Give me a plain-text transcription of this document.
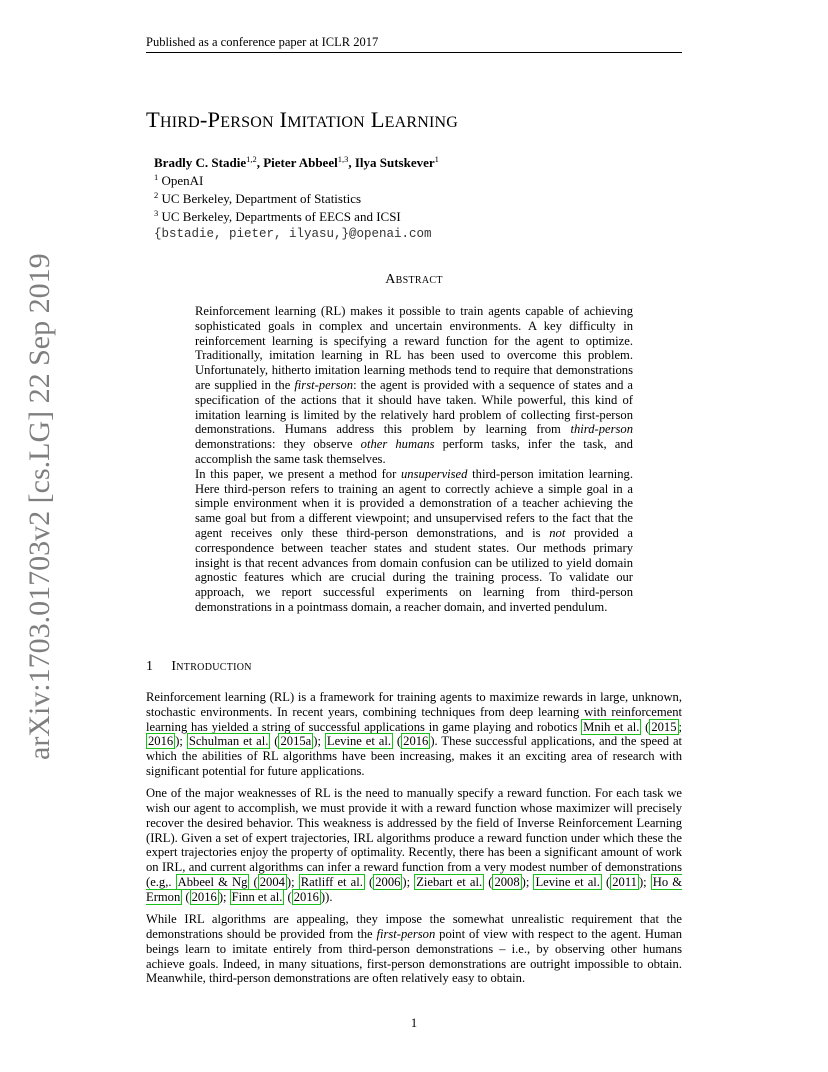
Published as a conference paper at ICLR 2017
arXiv:1703.01703v2 [cs.LG] 22 Sep 2019
Third-Person Imitation Learning
Bradly C. Stadie$^{1,2}$, Pieter Abbeel$^{1,3}$, Ilya Sutskever$^1$
$^1$ OpenAI
$^2$ UC Berkeley, Department of Statistics
$^3$ UC Berkeley, Departments of EECS and ICSI
{bstadie, pieter, ilyasu,}@openai.com
Abstract

Reinforcement learning (RL) makes it possible to train agents capable of achieving sophisticated goals in complex and uncertain environments. A key difficulty in reinforcement learning is specifying a reward function for the agent to optimize. Traditionally, imitation learning in RL has been used to overcome this problem. Unfortunately, hitherto imitation learning methods tend to require that demonstrations are supplied in the first-person: the agent is provided with a sequence of states and a specification of the actions that it should have taken. While powerful, this kind of imitation learning is limited by the relatively hard problem of collecting first-person demonstrations. Humans address this problem by learning from third-person demonstrations: they observe other humans perform tasks, infer the task, and accomplish the same task themselves.

In this paper, we present a method for unsupervised third-person imitation learning. Here third-person refers to training an agent to correctly achieve a simple goal in a simple environment when it is provided a demonstration of a teacher achieving the same goal but from a different viewpoint; and unsupervised refers to the fact that the agent receives only these third-person demonstrations, and is not provided a correspondence between teacher states and student states. Our methods primary insight is that recent advances from domain confusion can be utilized to yield domain agnostic features which are crucial during the training process. To validate our approach, we report successful experiments on learning from third-person demonstrations in a pointmass domain, a reacher domain, and inverted pendulum.

1 Introduction

Reinforcement learning (RL) is a framework for training agents to maximize rewards in large, unknown, stochastic environments. In recent years, combining techniques from deep learning with reinforcement learning has yielded a string of successful applications in game playing and robotics Mnih et al. ( 2015 ; 2016 ); Schulman et al. ( 2015a ); Levine et al. ( 2016 ). These successful applications, and the speed at which the abilities of RL algorithms have been increasing, makes it an exciting area of research with significant potential for future applications.

One of the major weaknesses of RL is the need to manually specify a reward function. For each task we wish our agent to accomplish, we must provide it with a reward function whose maximizer will precisely recover the desired behavior. This weakness is addressed by the field of Inverse Reinforcement Learning (IRL). Given a set of expert trajectories, IRL algorithms produce a reward function under which these the expert trajectories enjoy the property of optimality. Recently, there has been a significant amount of work on IRL, and current algorithms can infer a reward function from a very modest number of demonstrations (e.g,. Abbeel & Ng ( 2004 ); Ratliff et al. ( 2006 ); Ziebart et al. ( 2008 ); Levine et al. ( 2011 ); Ho & Ermon ( 2016 ); Finn et al. ( 2016 )).

While IRL algorithms are appealing, they impose the somewhat unrealistic requirement that the demonstrations should be provided from the first-person point of view with respect to the agent. Human beings learn to imitate entirely from third-person demonstrations – i.e., by observing other humans achieve goals. Indeed, in many situations, first-person demonstrations are outright impossible to obtain. Meanwhile, third-person demonstrations are often relatively easy to obtain.

1
